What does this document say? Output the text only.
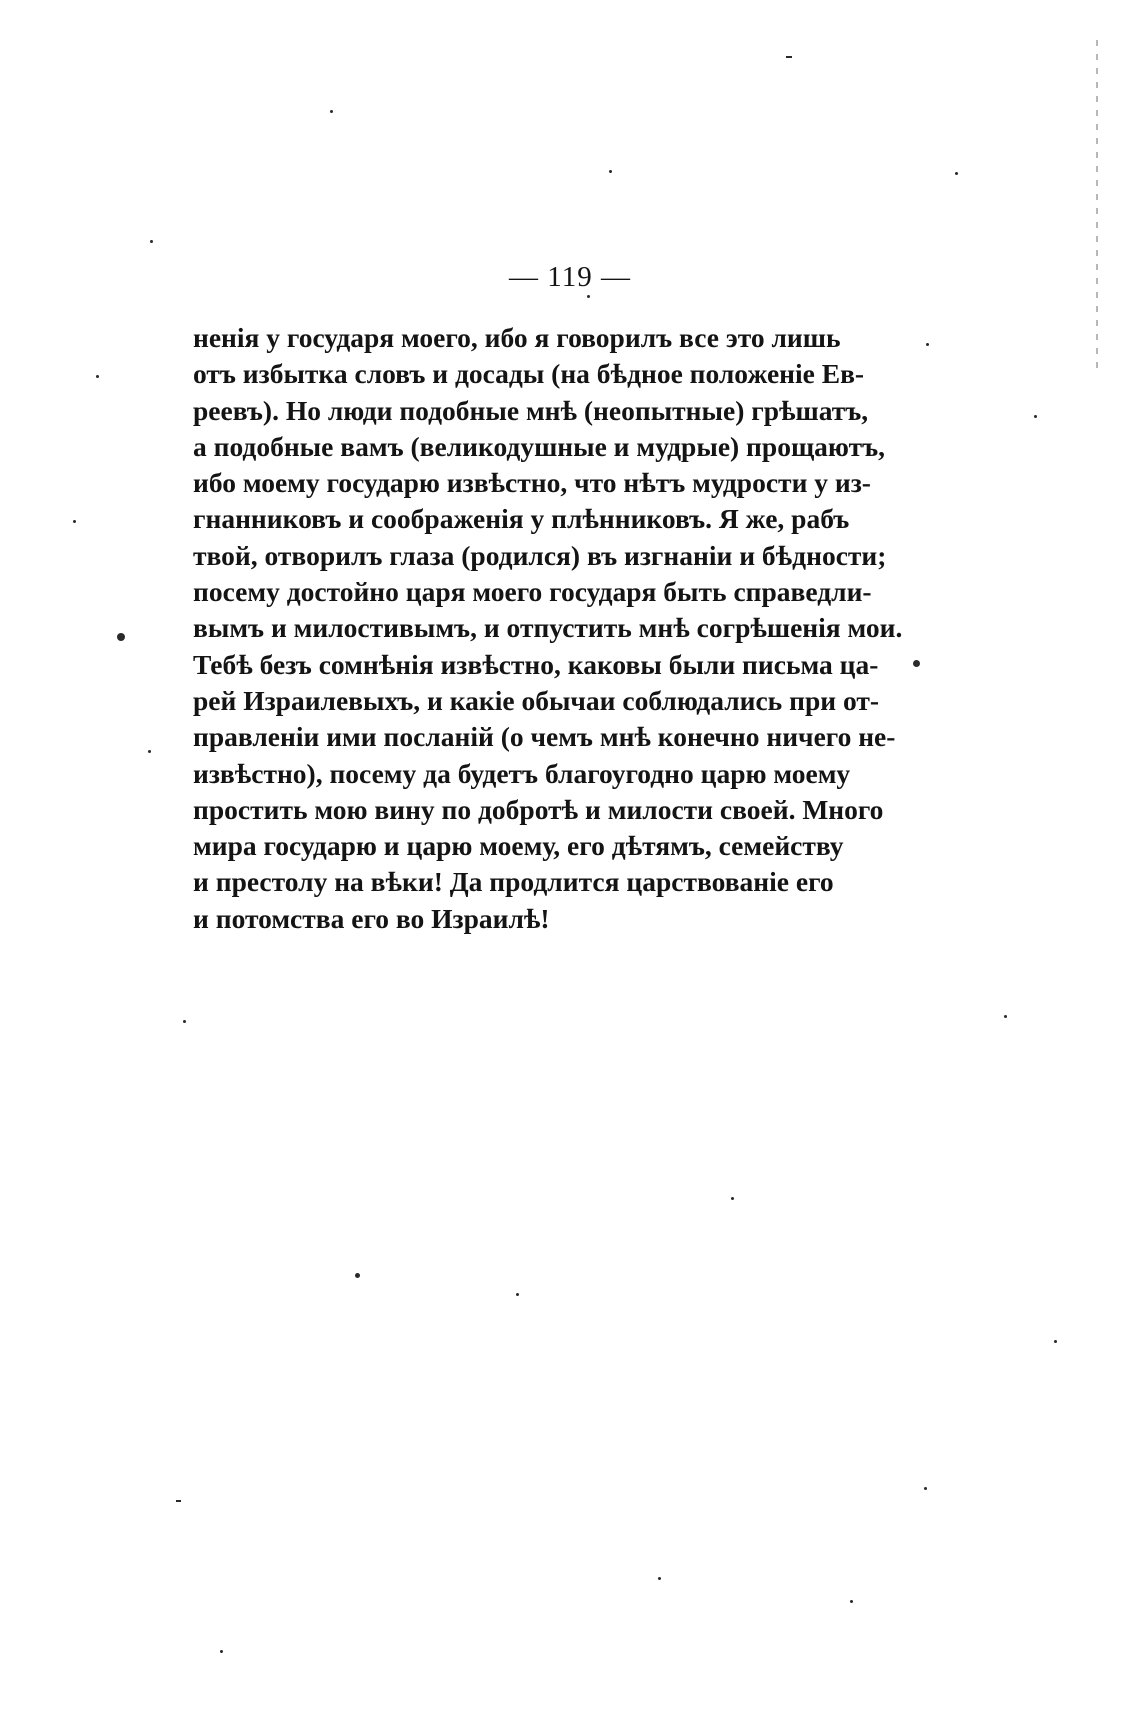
— 119 —
ненія у государя моего, ибо я говорилъ все это лишь
отъ избытка словъ и досады (на бѣдное положеніе Ев-
реевъ). Но люди подобные мнѣ (неопытные) грѣшатъ,
а подобные вамъ (великодушные и мудрые) прощаютъ,
ибо моему государю извѣстно, что нѣтъ мудрости у из-
гнанниковъ и соображенія у плѣнниковъ. Я же, рабъ
твой, отворилъ глаза (родился) въ изгнаніи и бѣдности;
посему достойно царя моего государя быть справедли-
вымъ и милостивымъ, и отпустить мнѣ согрѣшенія мои.
Тебѣ безъ сомнѣнія извѣстно, каковы были письма ца-
рей Израилевыхъ, и какіе обычаи соблюдались при от-
правленіи ими посланій (о чемъ мнѣ конечно ничего не-
извѣстно), посему да будетъ благоугодно царю моему
простить мою вину по добротѣ и милости своей. Много
мира государю и царю моему, его дѣтямъ, семейству
и престолу на вѣки! Да продлится царствованіе его
и потомства его во Израилѣ!
